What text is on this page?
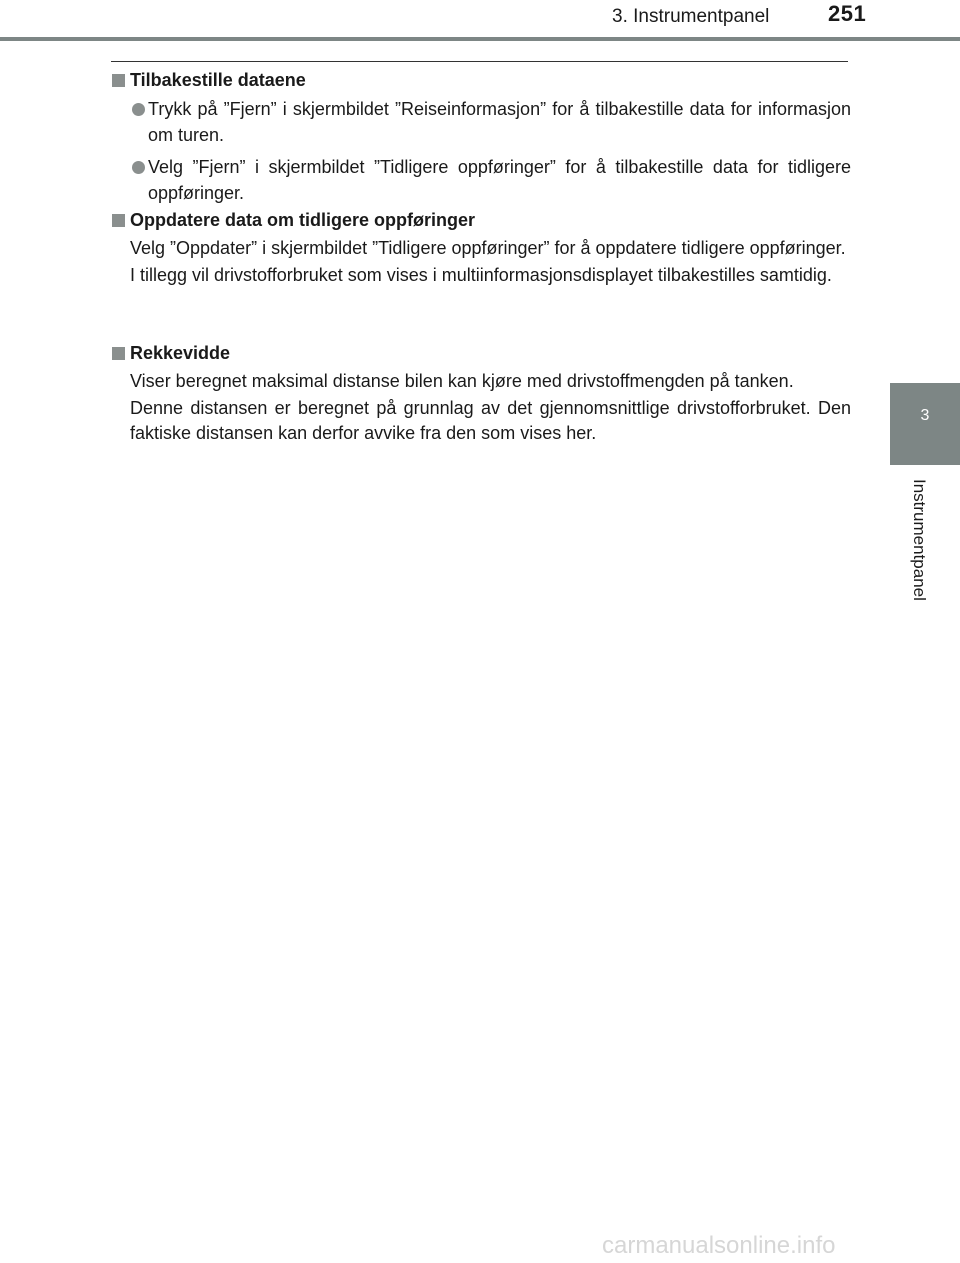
3. Instrumentpanel	251
3
Instrumentpanel
Tilbakestille dataene
Trykk på ”Fjern” i skjermbildet ”Reiseinformasjon” for å tilbakestille data for informasjon om turen.
Velg ”Fjern” i skjermbildet ”Tidligere oppføringer” for å tilbakestille data for tidligere oppføringer.
Oppdatere data om tidligere oppføringer

Velg ”Oppdater” i skjermbildet ”Tidligere oppføringer” for å oppdatere tidligere oppføringer.

I tillegg vil drivstofforbruket som vises i multiinformasjonsdisplayet tilbakestilles samtidig.

Rekkevidde

Viser beregnet maksimal distanse bilen kan kjøre med drivstoffmengden på tanken.

Denne distansen er beregnet på grunnlag av det gjennomsnittlige drivstofforbruket. Den faktiske distansen kan derfor avvike fra den som vises her.

carmanualsonline.info
